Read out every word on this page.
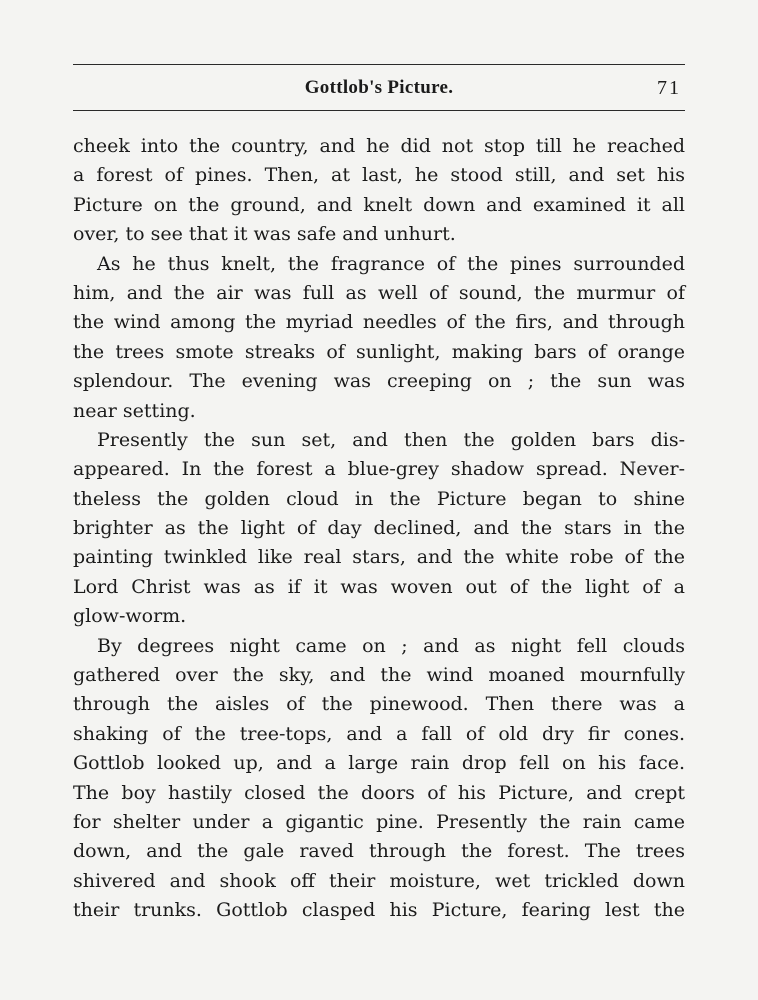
Gottlob's Picture.	71
cheek into the country, and he did not stop till he reached
a forest of pines. Then, at last, he stood still, and set his
Picture on the ground, and knelt down and examined it all
over, to see that it was safe and unhurt.
As he thus knelt, the fragrance of the pines surrounded
him, and the air was full as well of sound, the murmur of
the wind among the myriad needles of the firs, and through
the trees smote streaks of sunlight, making bars of orange
splendour. The evening was creeping on ; the sun was
near setting.
Presently the sun set, and then the golden bars dis-
appeared. In the forest a blue-grey shadow spread. Never-
theless the golden cloud in the Picture began to shine
brighter as the light of day declined, and the stars in the
painting twinkled like real stars, and the white robe of the
Lord Christ was as if it was woven out of the light of a
glow-worm.
By degrees night came on ; and as night fell clouds
gathered over the sky, and the wind moaned mournfully
through the aisles of the pinewood. Then there was a
shaking of the tree-tops, and a fall of old dry fir cones.
Gottlob looked up, and a large rain drop fell on his face.
The boy hastily closed the doors of his Picture, and crept
for shelter under a gigantic pine. Presently the rain came
down, and the gale raved through the forest. The trees
shivered and shook off their moisture, wet trickled down
their trunks. Gottlob clasped his Picture, fearing lest the
